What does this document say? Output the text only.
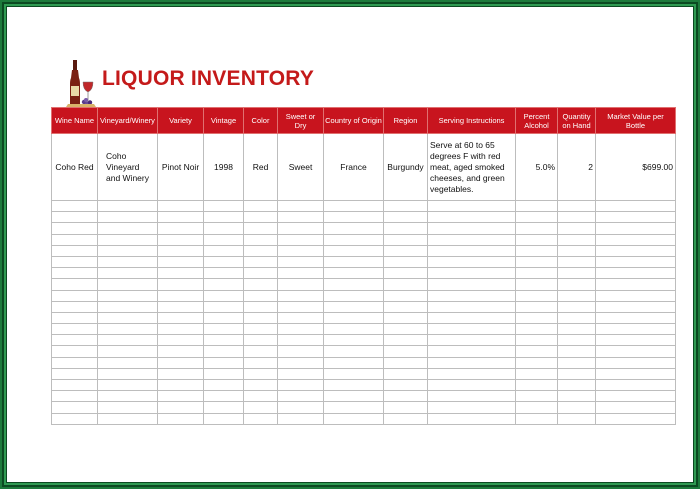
LIQUOR INVENTORY
Wine Name	Vineyard/Winery	Variety	Vintage	Color	Sweet or Dry	Country of Origin	Region	Serving Instructions	Percent Alcohol	Quantity on Hand	Market Value per Bottle
Coho Red	Coho Vineyard and Winery	Pinot Noir	1998	Red	Sweet	France	Burgundy	Serve at 60 to 65 degrees F with red meat, aged smoked cheeses, and green vegetables.	5.0%	2	$699.00
